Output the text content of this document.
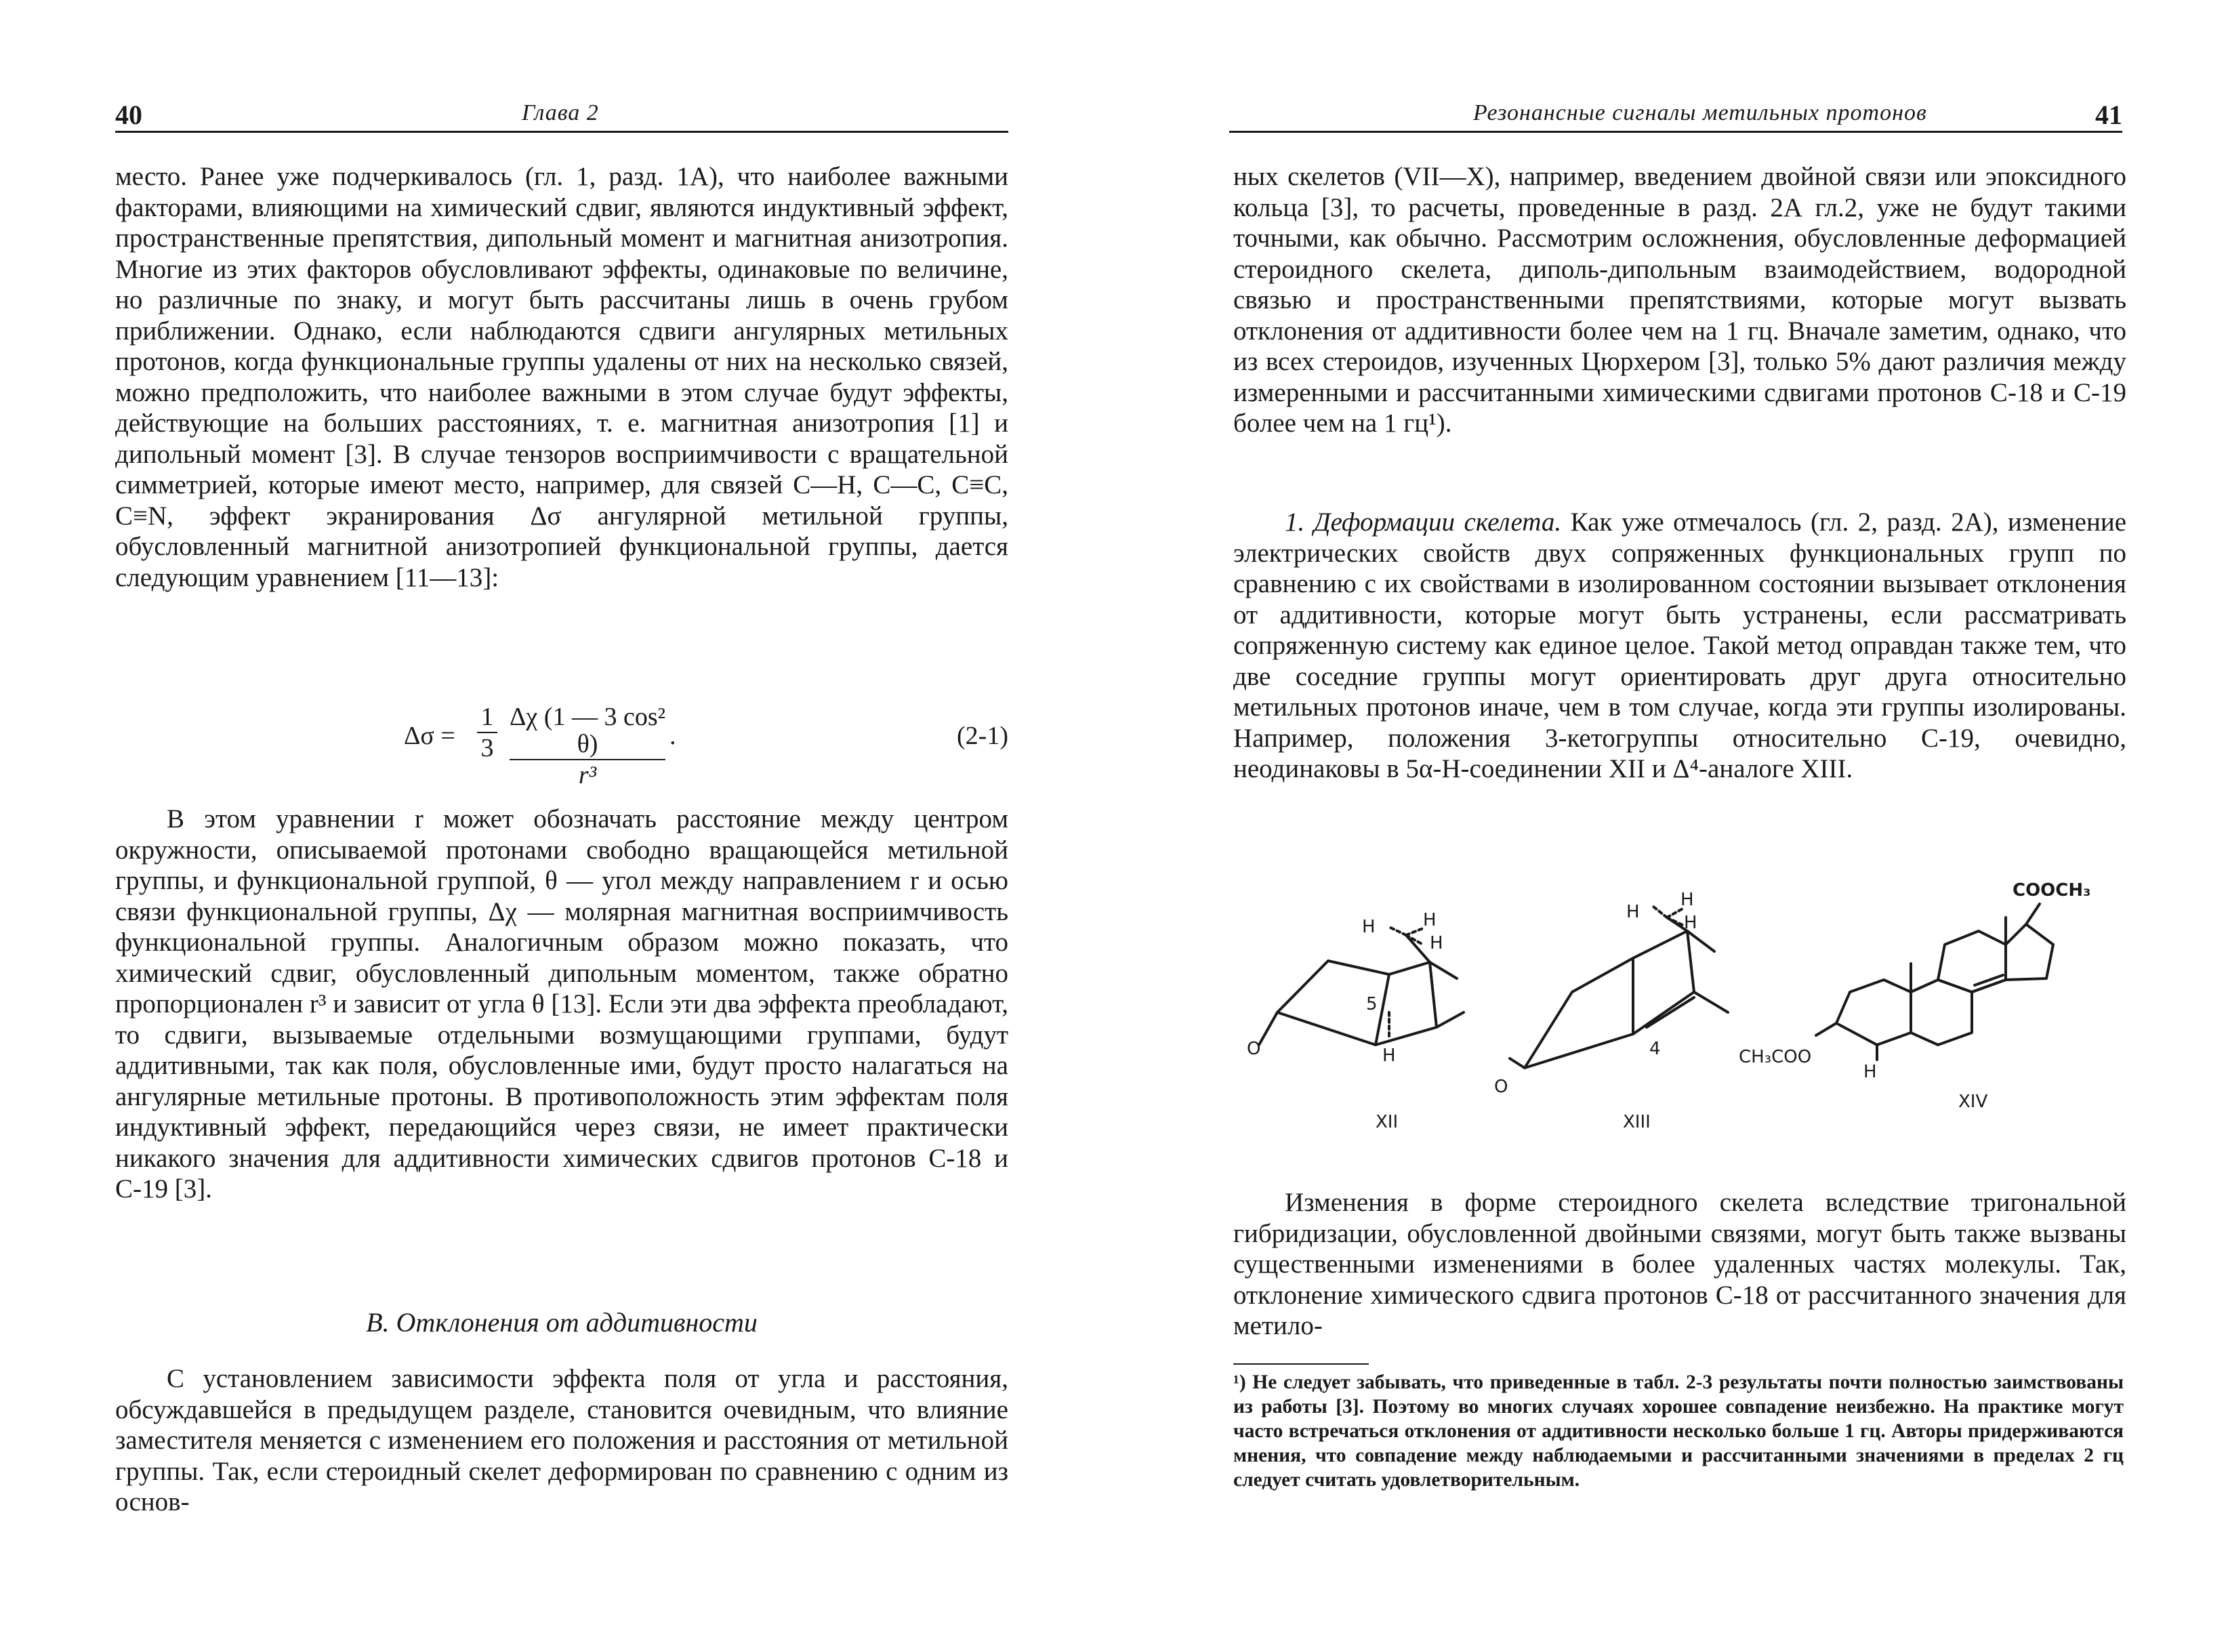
40	Глава 2

место. Ранее уже подчеркивалось (гл. 1, разд. 1А), что наиболее важными факторами, влияющими на химический сдвиг, являются индуктивный эффект, пространственные препятствия, дипольный момент и магнитная анизотропия. Многие из этих факторов обусловливают эффекты, одинаковые по величине, но различные по знаку, и могут быть рассчитаны лишь в очень грубом приближении. Однако, если наблюдаются сдвиги ангулярных метильных протонов, когда функциональные группы удалены от них на несколько связей, можно предположить, что наиболее важными в этом случае будут эффекты, действующие на больших расстояниях, т. е. магнитная анизотропия [1] и дипольный момент [3]. В случае тензоров восприимчивости с вращательной симметрией, которые имеют место, например, для связей С—Н, С—С, С≡С, С≡N, эффект экранирования Δσ ангулярной метильной группы, обусловленный магнитной анизотропией функциональной группы, дается следующим уравнением [11—13]:

Δσ =
1
3
Δχ (1 — 3 cos² θ)
r³
.	(2-1)

В этом уравнении r может обозначать расстояние между центром окружности, описываемой протонами свободно вращающейся метильной группы, и функциональной группой, θ — угол между направлением r и осью связи функциональной группы, Δχ — молярная магнитная восприимчивость функциональной группы. Аналогичным образом можно показать, что химический сдвиг, обусловленный дипольным моментом, также обратно пропорционален r³ и зависит от угла θ [13]. Если эти два эффекта преобладают, то сдвиги, вызываемые отдельными возмущающими группами, будут аддитивными, так как поля, обусловленные ими, будут просто налагаться на ангулярные метильные протоны. В противоположность этим эффектам поля индуктивный эффект, передающийся через связи, не имеет практически никакого значения для аддитивности химических сдвигов протонов С-18 и С-19 [3].

В. Отклонения от аддитивности

С установлением зависимости эффекта поля от угла и расстояния, обсуждавшейся в предыдущем разделе, становится очевидным, что влияние заместителя меняется с изменением его положения и расстояния от метильной группы. Так, если стероидный скелет деформирован по сравнению с одним из основ-

Резонансные сигналы метильных протонов	41

ных скелетов (VII—X), например, введением двойной связи или эпоксидного кольца [3], то расчеты, проведенные в разд. 2А гл.2, уже не будут такими точными, как обычно. Рассмотрим осложнения, обусловленные деформацией стероидного скелета, диполь-дипольным взаимодействием, водородной связью и пространственными препятствиями, которые могут вызвать отклонения от аддитивности более чем на 1 гц. Вначале заметим, однако, что из всех стероидов, изученных Цюрхером [3], только 5% дают различия между измеренными и рассчитанными химическими сдвигами протонов С-18 и С-19 более чем на 1 гц¹).

1. Деформации скелета. Как уже отмечалось (гл. 2, разд. 2А), изменение электрических свойств двух сопряженных функциональных групп по сравнению с их свойствами в изолированном состоянии вызывает отклонения от аддитивности, которые могут быть устранены, если рассматривать сопряженную систему как единое целое. Такой метод оправдан также тем, что две соседние группы могут ориентировать друг друга относительно метильных протонов иначе, чем в том случае, когда эти группы изолированы. Например, положения 3-кетогруппы относительно С-19, очевидно, неодинаковы в 5α-Н-соединении XII и Δ⁴-аналоге XIII.

Изменения в форме стероидного скелета вследствие тригональной гибридизации, обусловленной двойными связями, могут быть также вызваны существенными изменениями в более удаленных частях молекулы. Так, отклонение химического сдвига протонов С-18 от рассчитанного значения для метило-

H	H
H
O
5
H
XII
H
H
H
O
4
XIII
COOCH₃
CH₃COO
H
XIV
¹) Не следует забывать, что приведенные в табл. 2-3 результаты почти полностью заимствованы из работы [3]. Поэтому во многих случаях хорошее совпадение неизбежно. На практике могут часто встречаться отклонения от аддитивности несколько больше 1 гц. Авторы придерживаются мнения, что совпадение между наблюдаемыми и рассчитанными значениями в пределах 2 гц следует считать удовлетворительным.
